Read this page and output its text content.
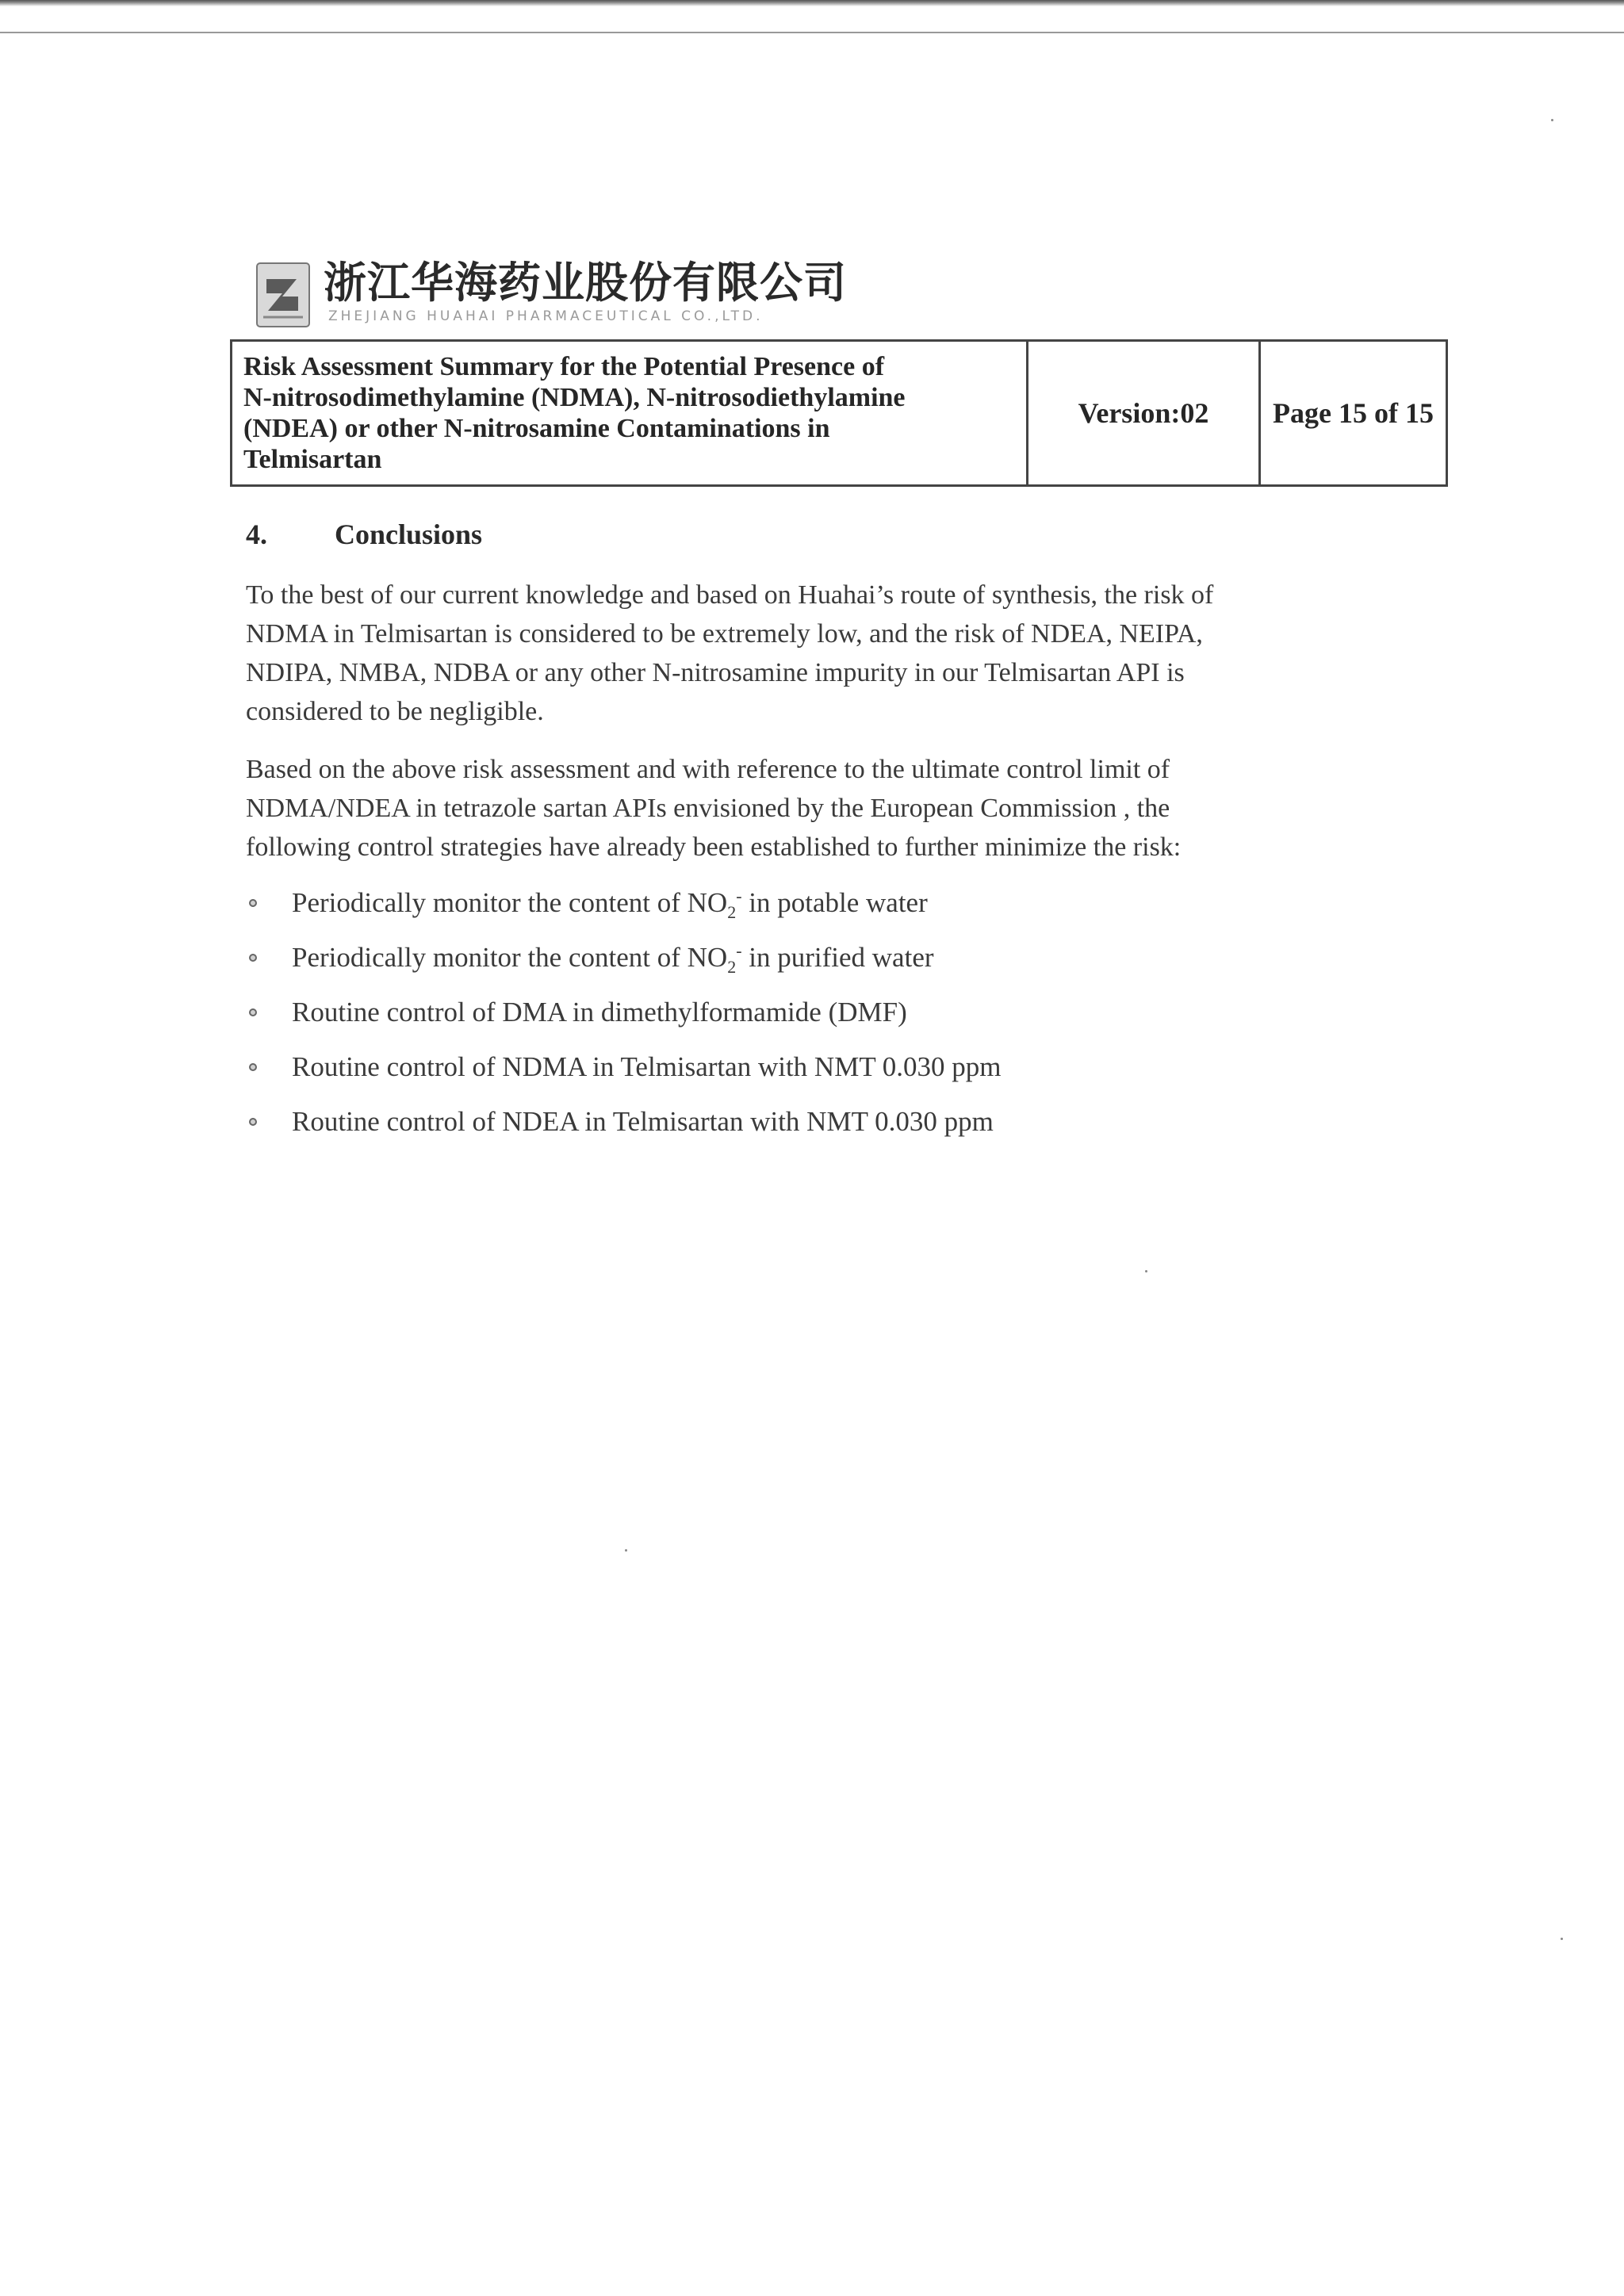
浙江华海药业股份有限公司
ZHEJIANG HUAHAI PHARMACEUTICAL CO.,LTD.
Risk Assessment Summary for the Potential Presence of
N-nitrosodimethylamine (NDMA), N-nitrosodiethylamine
(NDEA) or other N-nitrosamine Contaminations in
Telmisartan
	Version:02	Page 15 of 15
4. Conclusions

To the best of our current knowledge and based on Huahai’s route of synthesis, the risk of
NDMA in Telmisartan is considered to be extremely low, and the risk of NDEA, NEIPA,
NDIPA, NMBA, NDBA or any other N-nitrosamine impurity in our Telmisartan API is
considered to be negligible.

Based on the above risk assessment and with reference to the ultimate control limit of
NDMA/NDEA in tetrazole sartan APIs envisioned by the European Commission , the
following control strategies have already been established to further minimize the risk:

Periodically monitor the content of $NO_2^-$ in potable water
Periodically monitor the content of $NO_2^-$ in purified water
Routine control of DMA in dimethylformamide (DMF)
Routine control of NDMA in Telmisartan with NMT 0.030 ppm
Routine control of NDEA in Telmisartan with NMT 0.030 ppm
